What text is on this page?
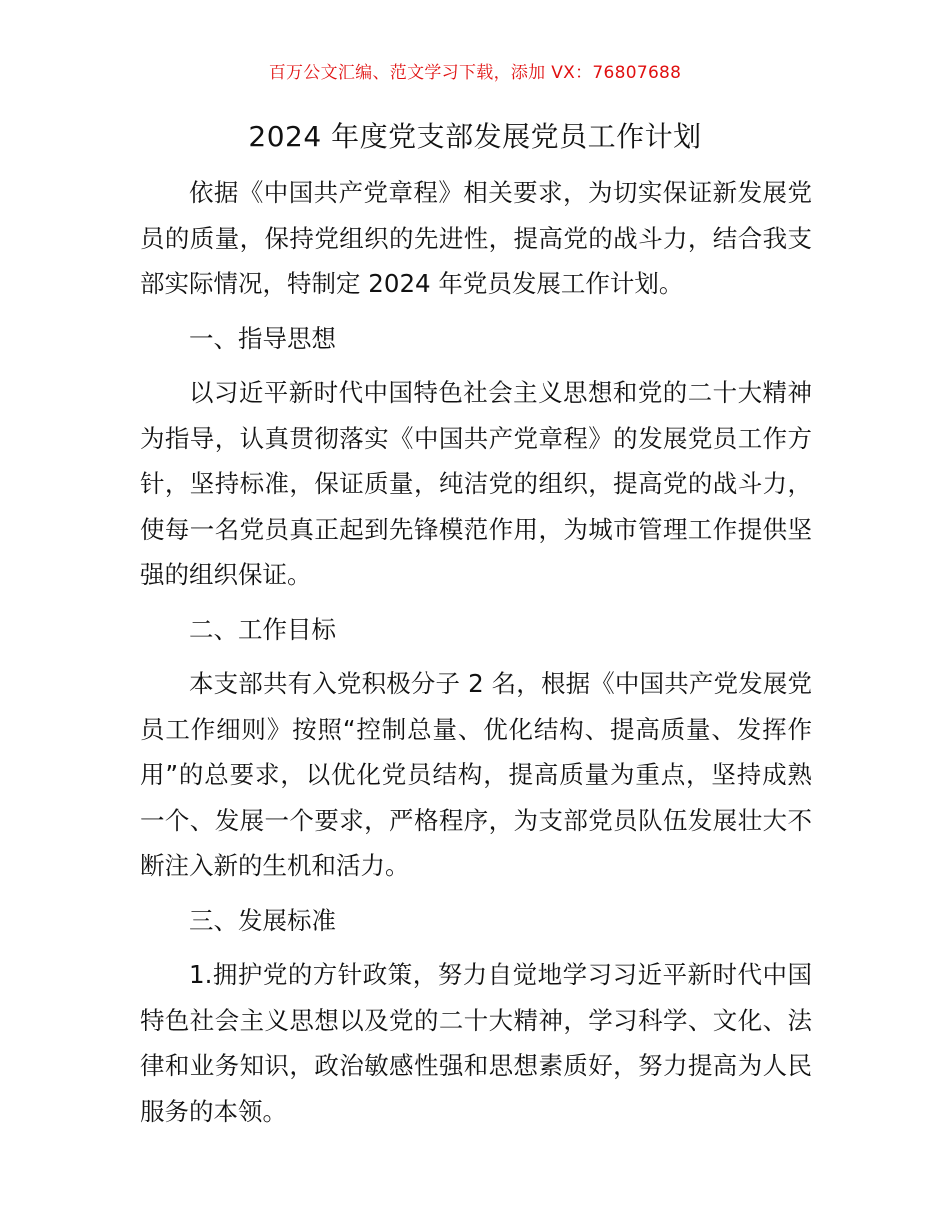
百万公文汇编、范文学习下载，添加 VX：76807688
2024 年度党支部发展党员工作计划

依据《中国共产党章程》相关要求，为切实保证新发展党员的质量，保持党组织的先进性，提高党的战斗力，结合我支部实际情况，特制定 2024 年党员发展工作计划。

一、指导思想

以习近平新时代中国特色社会主义思想和党的二十大精神为指导，认真贯彻落实《中国共产党章程》的发展党员工作方针，坚持标准，保证质量，纯洁党的组织，提高党的战斗力，使每一名党员真正起到先锋模范作用，为城市管理工作提供坚强的组织保证。

二、工作目标

本支部共有入党积极分子 2 名，根据《中国共产党发展党员工作细则》按照“控制总量、优化结构、提高质量、发挥作用”的总要求，以优化党员结构，提高质量为重点，坚持成熟一个、发展一个要求，严格程序，为支部党员队伍发展壮大不断注入新的生机和活力。

三、发展标准

1.拥护党的方针政策，努力自觉地学习习近平新时代中国特色社会主义思想以及党的二十大精神，学习科学、文化、法律和业务知识，政治敏感性强和思想素质好，努力提高为人民服务的本领。
